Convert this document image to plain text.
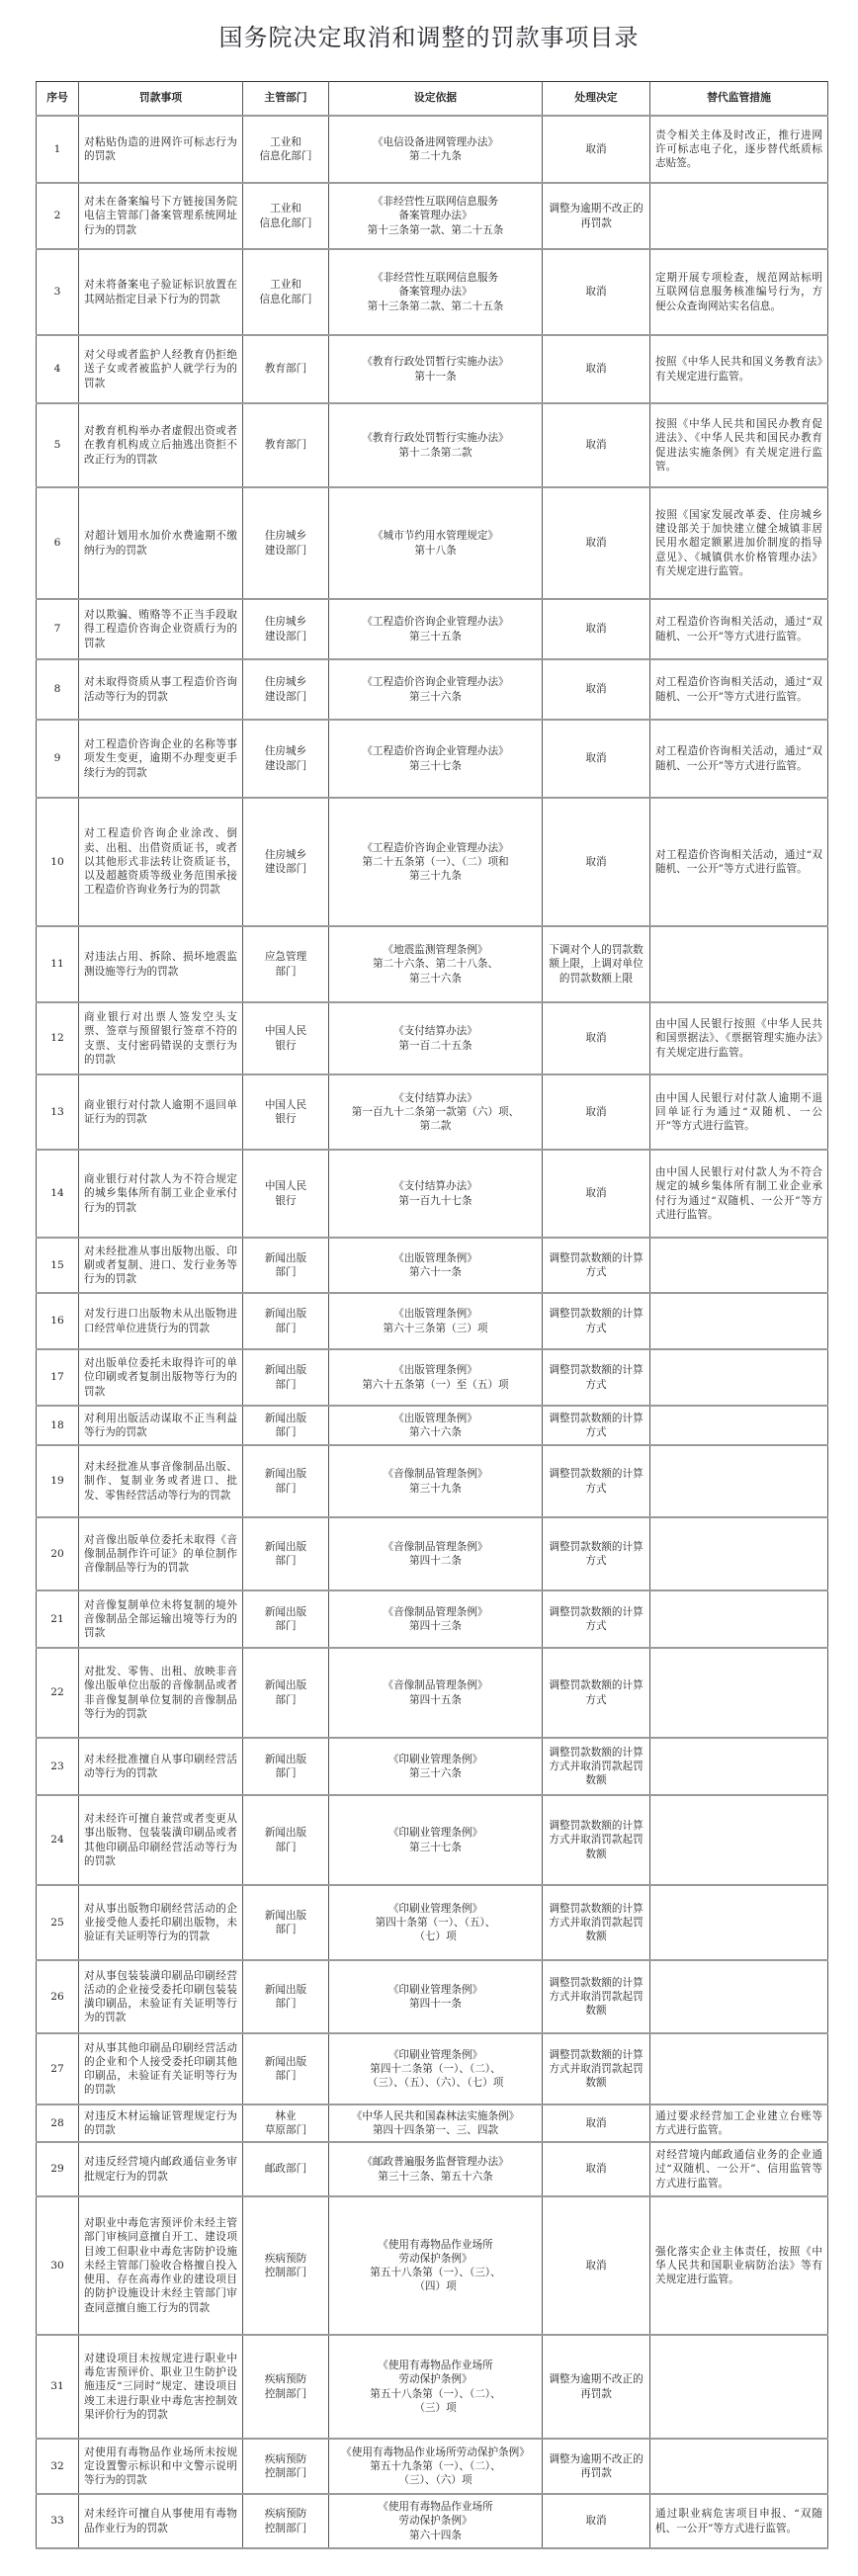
国务院决定取消和调整的罚款事项目录
序号	罚款事项	主管部门	设定依据	处理决定	替代监管措施
1	对粘贴伪造的进网许可标志行为的罚款	工业和
信息化部门	《电信设备进网管理办法》
第二十九条	取消	责令相关主体及时改正，推行进网许可标志电子化，逐步替代纸质标志贴签。
2	对未在备案编号下方链接国务院电信主管部门备案管理系统网址行为的罚款	工业和
信息化部门	《非经营性互联网信息服务
备案管理办法》
第十三条第一款、第二十五条	调整为逾期不改正的再罚款	
3	对未将备案电子验证标识放置在其网站指定目录下行为的罚款	工业和
信息化部门	《非经营性互联网信息服务
备案管理办法》
第十三条第二款、第二十五条	取消	定期开展专项检查，规范网站标明互联网信息服务核准编号行为，方便公众查询网站实名信息。
4	对父母或者监护人经教育仍拒绝送子女或者被监护人就学行为的罚款	教育部门	《教育行政处罚暂行实施办法》
第十一条	取消	按照《中华人民共和国义务教育法》有关规定进行监管。
5	对教育机构举办者虚假出资或者在教育机构成立后抽逃出资拒不改正行为的罚款	教育部门	《教育行政处罚暂行实施办法》
第十二条第二款	取消	按照《中华人民共和国民办教育促进法》、《中华人民共和国民办教育促进法实施条例》有关规定进行监管。
6	对超计划用水加价水费逾期不缴纳行为的罚款	住房城乡
建设部门	《城市节约用水管理规定》
第十八条	取消	按照《国家发展改革委、住房城乡建设部关于加快建立健全城镇非居民用水超定额累进加价制度的指导意见》、《城镇供水价格管理办法》有关规定进行监管。
7	对以欺骗、贿赂等不正当手段取得工程造价咨询企业资质行为的罚款	住房城乡
建设部门	《工程造价咨询企业管理办法》
第三十五条	取消	对工程造价咨询相关活动，通过“双随机、一公开”等方式进行监管。
8	对未取得资质从事工程造价咨询活动等行为的罚款	住房城乡
建设部门	《工程造价咨询企业管理办法》
第三十六条	取消	对工程造价咨询相关活动，通过“双随机、一公开”等方式进行监管。
9	对工程造价咨询企业的名称等事项发生变更，逾期不办理变更手续行为的罚款	住房城乡
建设部门	《工程造价咨询企业管理办法》
第三十七条	取消	对工程造价咨询相关活动，通过“双随机、一公开”等方式进行监管。
10	对工程造价咨询企业涂改、倒卖、出租、出借资质证书，或者以其他形式非法转让资质证书，以及超越资质等级业务范围承接工程造价咨询业务行为的罚款	住房城乡
建设部门	《工程造价咨询企业管理办法》
第二十五条第（一）、（二）项和
第三十九条	取消	对工程造价咨询相关活动，通过“双随机、一公开”等方式进行监管。
11	对违法占用、拆除、损坏地震监测设施等行为的罚款	应急管理
部门	《地震监测管理条例》
第二十六条、第二十八条、
第三十六条	下调对个人的罚款数额上限，上调对单位的罚款数额上限	
12	商业银行对出票人签发空头支票、签章与预留银行签章不符的支票、支付密码错误的支票行为的罚款	中国人民
银行	《支付结算办法》
第一百二十五条	取消	由中国人民银行按照《中华人民共和国票据法》、《票据管理实施办法》有关规定进行监管。
13	商业银行对付款人逾期不退回单证行为的罚款	中国人民
银行	《支付结算办法》
第一百九十二条第一款第（六）项、
第二款	取消	由中国人民银行对付款人逾期不退回单证行为通过“双随机、一公开”等方式进行监管。
14	商业银行对付款人为不符合规定的城乡集体所有制工业企业承付行为的罚款	中国人民
银行	《支付结算办法》
第一百九十七条	取消	由中国人民银行对付款人为不符合规定的城乡集体所有制工业企业承付行为通过“双随机、一公开”等方式进行监管。
15	对未经批准从事出版物出版、印刷或者复制、进口、发行业务等行为的罚款	新闻出版
部门	《出版管理条例》
第六十一条	调整罚款数额的计算方式	
16	对发行进口出版物未从出版物进口经营单位进货行为的罚款	新闻出版
部门	《出版管理条例》
第六十三条第（三）项	调整罚款数额的计算方式	
17	对出版单位委托未取得许可的单位印刷或者复制出版物等行为的罚款	新闻出版
部门	《出版管理条例》
第六十五条第（一）至（五）项	调整罚款数额的计算方式	
18	对利用出版活动谋取不正当利益等行为的罚款	新闻出版
部门	《出版管理条例》
第六十六条	调整罚款数额的计算方式	
19	对未经批准从事音像制品出版、制作、复制业务或者进口、批发、零售经营活动等行为的罚款	新闻出版
部门	《音像制品管理条例》
第三十九条	调整罚款数额的计算方式	
20	对音像出版单位委托未取得《音像制品制作许可证》的单位制作音像制品等行为的罚款	新闻出版
部门	《音像制品管理条例》
第四十二条	调整罚款数额的计算方式	
21	对音像复制单位未将复制的境外音像制品全部运输出境等行为的罚款	新闻出版
部门	《音像制品管理条例》
第四十三条	调整罚款数额的计算方式	
22	对批发、零售、出租、放映非音像出版单位出版的音像制品或者非音像复制单位复制的音像制品等行为的罚款	新闻出版
部门	《音像制品管理条例》
第四十五条	调整罚款数额的计算方式	
23	对未经批准擅自从事印刷经营活动等行为的罚款	新闻出版
部门	《印刷业管理条例》
第三十六条	调整罚款数额的计算方式并取消罚款起罚数额	
24	对未经许可擅自兼营或者变更从事出版物、包装装潢印刷品或者其他印刷品印刷经营活动等行为的罚款	新闻出版
部门	《印刷业管理条例》
第三十七条	调整罚款数额的计算方式并取消罚款起罚数额	
25	对从事出版物印刷经营活动的企业接受他人委托印刷出版物，未验证有关证明等行为的罚款	新闻出版
部门	《印刷业管理条例》
第四十条第（一）、（五）、
（七）项	调整罚款数额的计算方式并取消罚款起罚数额	
26	对从事包装装潢印刷品印刷经营活动的企业接受委托印刷包装装潢印刷品，未验证有关证明等行为的罚款	新闻出版
部门	《印刷业管理条例》
第四十一条	调整罚款数额的计算方式并取消罚款起罚数额	
27	对从事其他印刷品印刷经营活动的企业和个人接受委托印刷其他印刷品，未验证有关证明等行为的罚款	新闻出版
部门	《印刷业管理条例》
第四十二条第（一）、（二）、
（三）、（五）、（六）、（七）项	调整罚款数额的计算方式并取消罚款起罚数额	
28	对违反木材运输证管理规定行为的罚款	林业
草原部门	《中华人民共和国森林法实施条例》
第四十四条第一、三、四款	取消	通过要求经营加工企业建立台账等方式进行监管。
29	对违反经营境内邮政通信业务审批规定行为的罚款	邮政部门	《邮政普遍服务监督管理办法》
第三十三条、第五十六条	取消	对经营境内邮政通信业务的企业通过“双随机、一公开”、信用监管等方式进行监管。
30	对职业中毒危害预评价未经主管部门审核同意擅自开工、建设项目竣工但职业中毒危害防护设施未经主管部门验收合格擅自投入使用、存在高毒作业的建设项目的防护设施设计未经主管部门审查同意擅自施工行为的罚款	疾病预防
控制部门	《使用有毒物品作业场所
劳动保护条例》
第五十八条第（一）、（三）、
（四）项	取消	强化落实企业主体责任，按照《中华人民共和国职业病防治法》等有关规定进行监管。
31	对建设项目未按规定进行职业中毒危害预评价、职业卫生防护设施违反“三同时”规定、建设项目竣工未进行职业中毒危害控制效果评价行为的罚款	疾病预防
控制部门	《使用有毒物品作业场所
劳动保护条例》
第五十八条第（一）、（二）、
（三）项	调整为逾期不改正的再罚款	
32	对使用有毒物品作业场所未按规定设置警示标识和中文警示说明等行为的罚款	疾病预防
控制部门	《使用有毒物品作业场所劳动保护条例》
第五十九条第（一）、（二）、
（三）、（六）项	调整为逾期不改正的再罚款	
33	对未经许可擅自从事使用有毒物品作业行为的罚款	疾病预防
控制部门	《使用有毒物品作业场所
劳动保护条例》
第六十四条	取消	通过职业病危害项目申报、“双随机、一公开”等方式进行监管。
